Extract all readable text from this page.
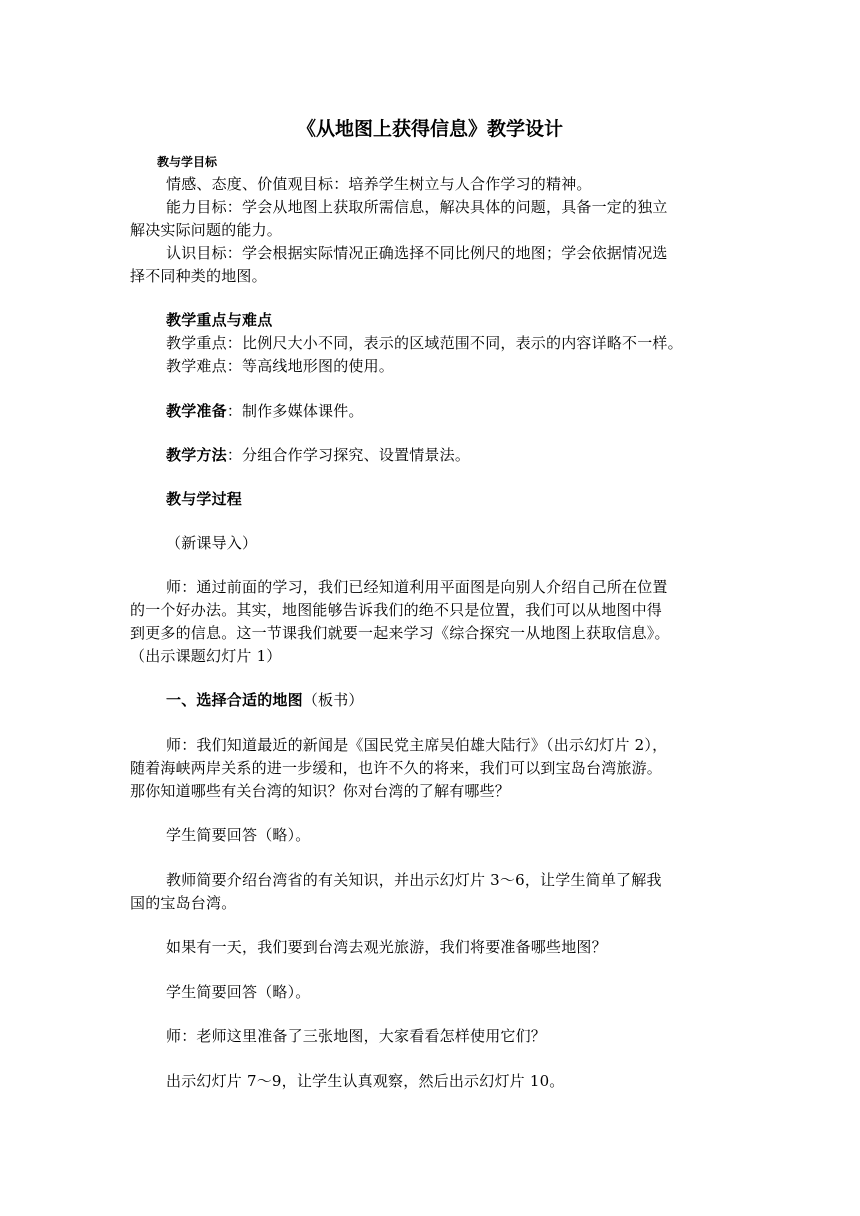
《从地图上获得信息》教学设计
教与学目标
情感、态度、价值观目标：培养学生树立与人合作学习的精神。
能力目标：学会从地图上获取所需信息，解决具体的问题，具备一定的独立
解决实际问题的能力。
认识目标：学会根据实际情况正确选择不同比例尺的地图；学会依据情况选
择不同种类的地图。
教学重点与难点
教学重点：比例尺大小不同，表示的区域范围不同，表示的内容详略不一样。
教学难点：等高线地形图的使用。
教学准备：制作多媒体课件。
教学方法：分组合作学习探究、设置情景法。
教与学过程
（新课导入）
师：通过前面的学习，我们已经知道利用平面图是向别人介绍自己所在位置
的一个好办法。其实，地图能够告诉我们的绝不只是位置，我们可以从地图中得
到更多的信息。这一节课我们就要一起来学习《综合探究一从地图上获取信息》。
（出示课题幻灯片 1）
一、选择合适的地图（板书）
师：我们知道最近的新闻是《国民党主席吴伯雄大陆行》（出示幻灯片 2），
随着海峡两岸关系的进一步缓和，也许不久的将来，我们可以到宝岛台湾旅游。
那你知道哪些有关台湾的知识？你对台湾的了解有哪些？
学生简要回答（略）。
教师简要介绍台湾省的有关知识，并出示幻灯片 3～6，让学生简单了解我
国的宝岛台湾。
如果有一天，我们要到台湾去观光旅游，我们将要准备哪些地图？
学生简要回答（略）。
师：老师这里准备了三张地图，大家看看怎样使用它们？
出示幻灯片 7～9，让学生认真观察，然后出示幻灯片 10。
